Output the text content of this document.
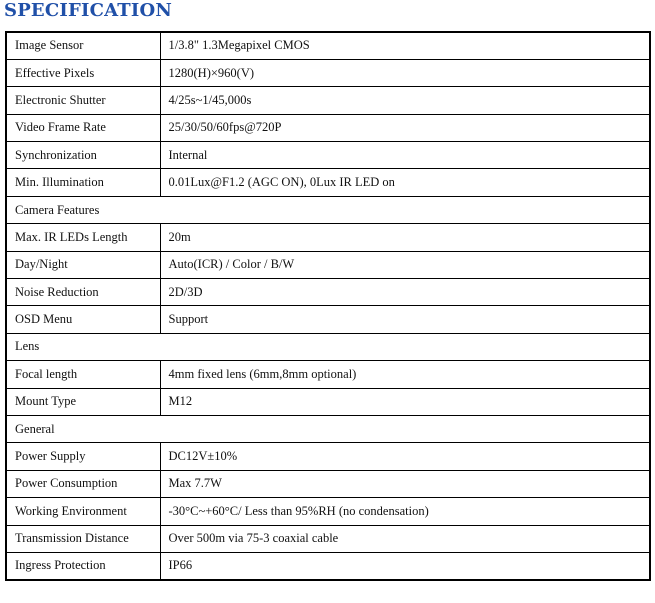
SPECIFICATION
Image Sensor	1/3.8" 1.3Megapixel CMOS
Effective Pixels	1280(H)×960(V)
Electronic Shutter	4/25s~1/45,000s
Video Frame Rate	25/30/50/60fps@720P
Synchronization	Internal
Min. Illumination	0.01Lux@F1.2 (AGC ON), 0Lux IR LED on
Camera Features	
Max. IR LEDs Length	20m
Day/Night	Auto(ICR) / Color / B/W
Noise Reduction	2D/3D
OSD Menu	Support
Lens	
Focal length	4mm fixed lens (6mm,8mm optional)
Mount Type	M12
General	
Power Supply	DC12V±10%
Power Consumption	Max 7.7W
Working Environment	-30°C~+60°C/ Less than 95%RH (no condensation)
Transmission Distance	Over 500m via 75-3 coaxial cable
Ingress Protection	IP66
